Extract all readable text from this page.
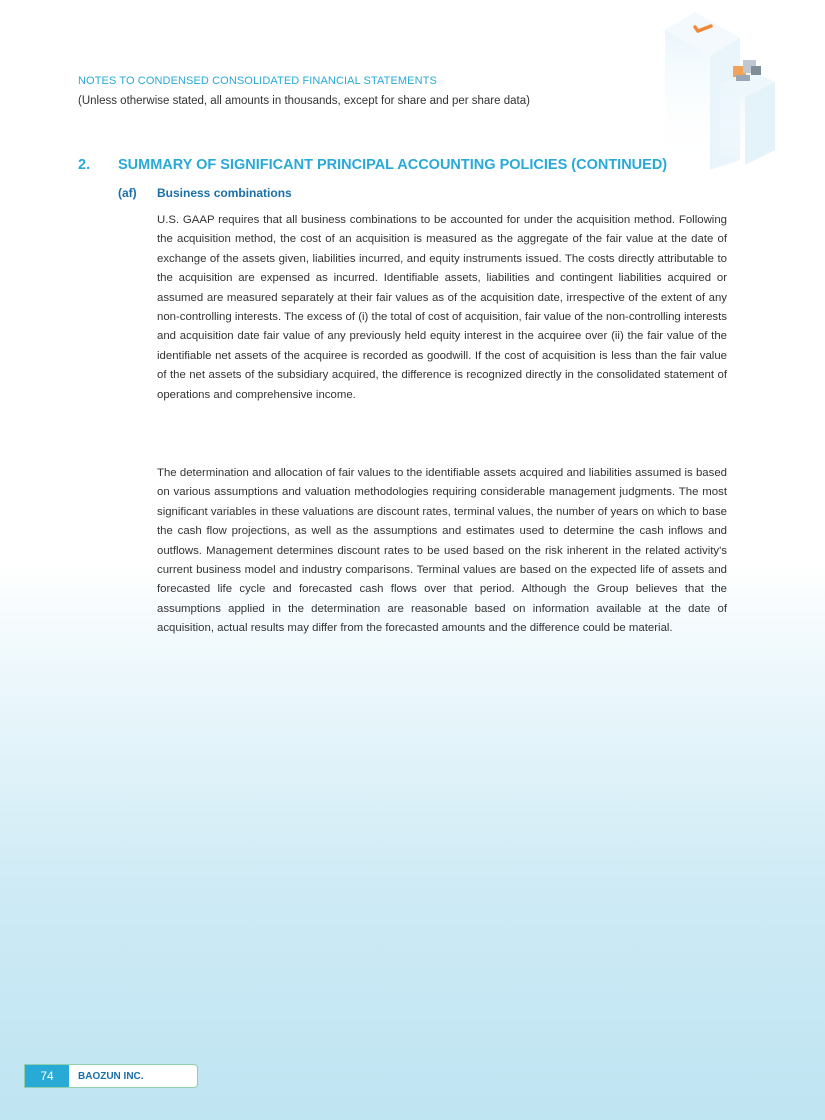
NOTES TO CONDENSED CONSOLIDATED FINANCIAL STATEMENTS
(Unless otherwise stated, all amounts in thousands, except for share and per share data)
2. SUMMARY OF SIGNIFICANT PRINCIPAL ACCOUNTING POLICIES (CONTINUED)
(af) Business combinations

U.S. GAAP requires that all business combinations to be accounted for under the acquisition method. Following the acquisition method, the cost of an acquisition is measured as the aggregate of the fair value at the date of exchange of the assets given, liabilities incurred, and equity instruments issued. The costs directly attributable to the acquisition are expensed as incurred. Identifiable assets, liabilities and contingent liabilities acquired or assumed are measured separately at their fair values as of the acquisition date, irrespective of the extent of any non-controlling interests. The excess of (i) the total of cost of acquisition, fair value of the non-controlling interests and acquisition date fair value of any previously held equity interest in the acquiree over (ii) the fair value of the identifiable net assets of the acquiree is recorded as goodwill. If the cost of acquisition is less than the fair value of the net assets of the subsidiary acquired, the difference is recognized directly in the consolidated statement of operations and comprehensive income.

The determination and allocation of fair values to the identifiable assets acquired and liabilities assumed is based on various assumptions and valuation methodologies requiring considerable management judgments. The most significant variables in these valuations are discount rates, terminal values, the number of years on which to base the cash flow projections, as well as the assumptions and estimates used to determine the cash inflows and outflows. Management determines discount rates to be used based on the risk inherent in the related activity's current business model and industry comparisons. Terminal values are based on the expected life of assets and forecasted life cycle and forecasted cash flows over that period. Although the Group believes that the assumptions applied in the determination are reasonable based on information available at the date of acquisition, actual results may differ from the forecasted amounts and the difference could be material.

74	BAOZUN INC.
